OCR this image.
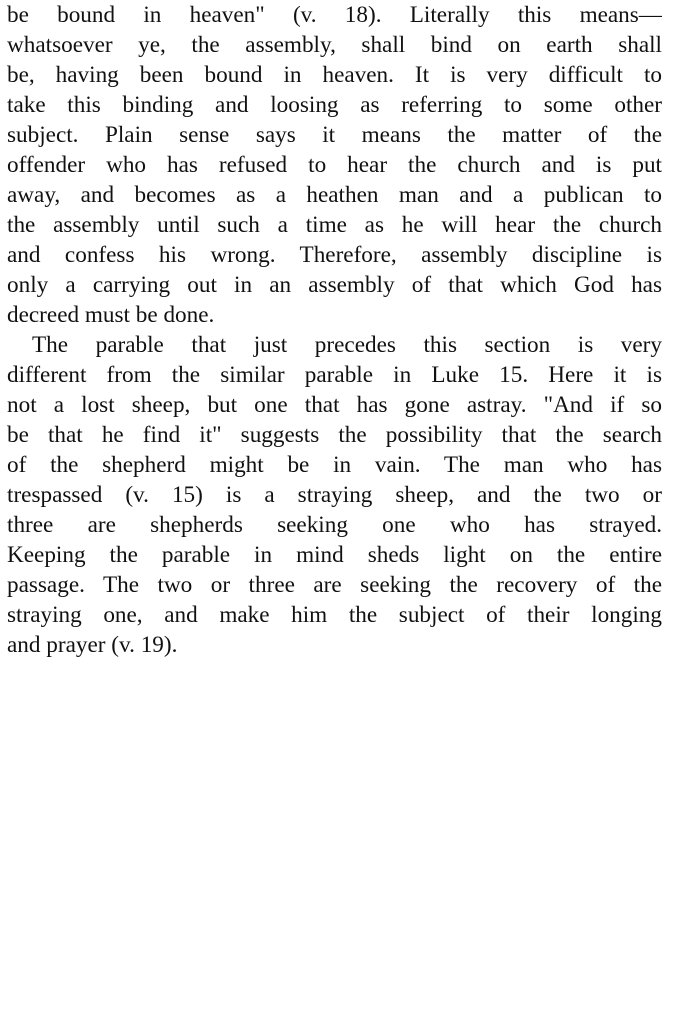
be bound in heaven" (v. 18). Literally this means—
whatsoever ye, the assembly, shall bind on earth shall
be, having been bound in heaven. It is very difficult to
take this binding and loosing as referring to some other
subject. Plain sense says it means the matter of the
offender who has refused to hear the church and is put
away, and becomes as a heathen man and a publican to
the assembly until such a time as he will hear the church
and confess his wrong. Therefore, assembly discipline is
only a carrying out in an assembly of that which God has
decreed must be done.
The parable that just precedes this section is very
different from the similar parable in Luke 15. Here it is
not a lost sheep, but one that has gone astray. "And if so
be that he find it" suggests the possibility that the search
of the shepherd might be in vain. The man who has
trespassed (v. 15) is a straying sheep, and the two or
three are shepherds seeking one who has strayed.
Keeping the parable in mind sheds light on the entire
passage. The two or three are seeking the recovery of the
straying one, and make him the subject of their longing
and prayer (v. 19).
